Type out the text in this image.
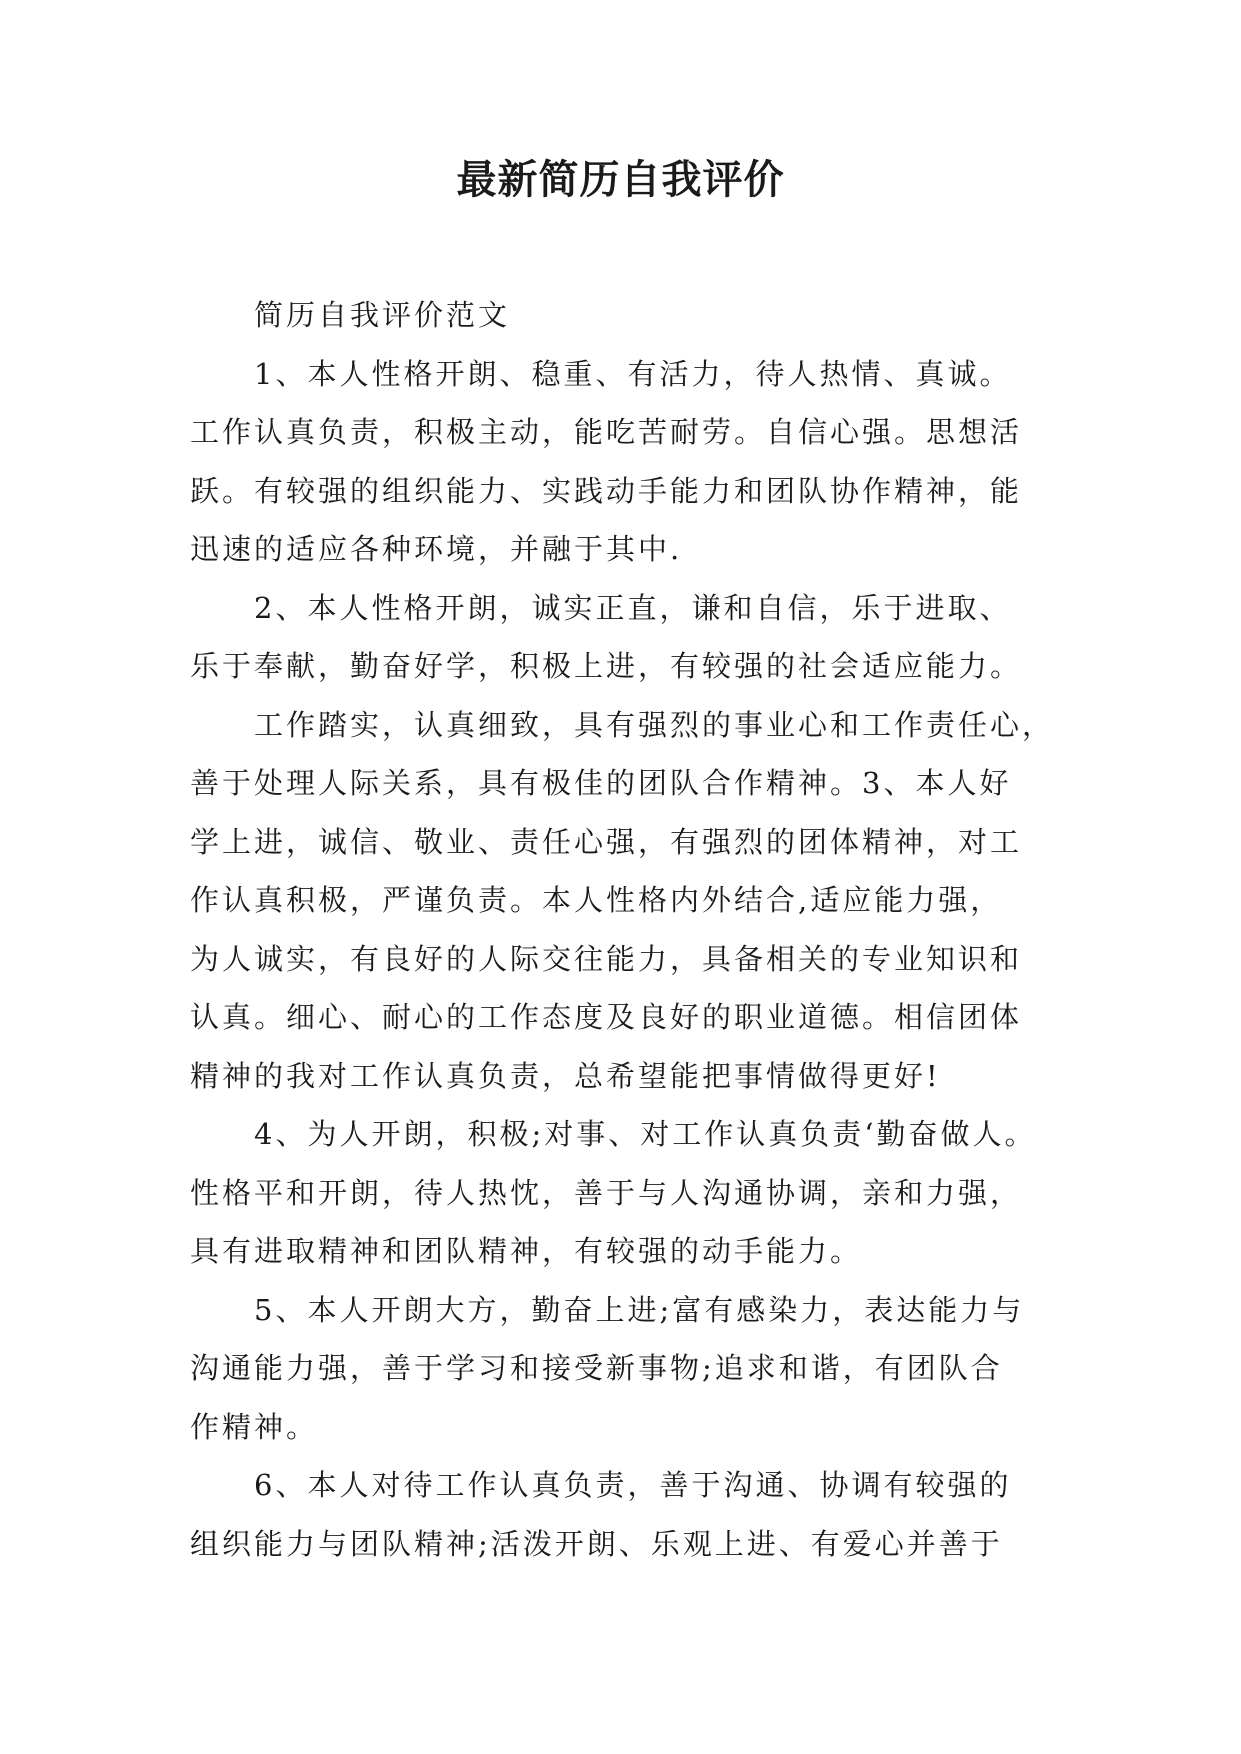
最新简历自我评价
简历自我评价范文
1、本人性格开朗、稳重、有活力，待人热情、真诚。
工作认真负责，积极主动，能吃苦耐劳。自信心强。思想活
跃。有较强的组织能力、实践动手能力和团队协作精神，能
迅速的适应各种环境，并融于其中.
2、本人性格开朗，诚实正直，谦和自信，乐于进取、
乐于奉献，勤奋好学，积极上进，有较强的社会适应能力。
工作踏实，认真细致，具有强烈的事业心和工作责任心，
善于处理人际关系，具有极佳的团队合作精神。3、本人好
学上进，诚信、敬业、责任心强，有强烈的团体精神，对工
作认真积极，严谨负责。本人性格内外结合,适应能力强，
为人诚实，有良好的人际交往能力，具备相关的专业知识和
认真。细心、耐心的工作态度及良好的职业道德。相信团体
精神的我对工作认真负责，总希望能把事情做得更好!
4、为人开朗，积极;对事、对工作认真负责‘勤奋做人。
性格平和开朗，待人热忱，善于与人沟通协调，亲和力强，
具有进取精神和团队精神，有较强的动手能力。
5、本人开朗大方，勤奋上进;富有感染力，表达能力与
沟通能力强，善于学习和接受新事物;追求和谐，有团队合
作精神。
6、本人对待工作认真负责，善于沟通、协调有较强的
组织能力与团队精神;活泼开朗、乐观上进、有爱心并善于
